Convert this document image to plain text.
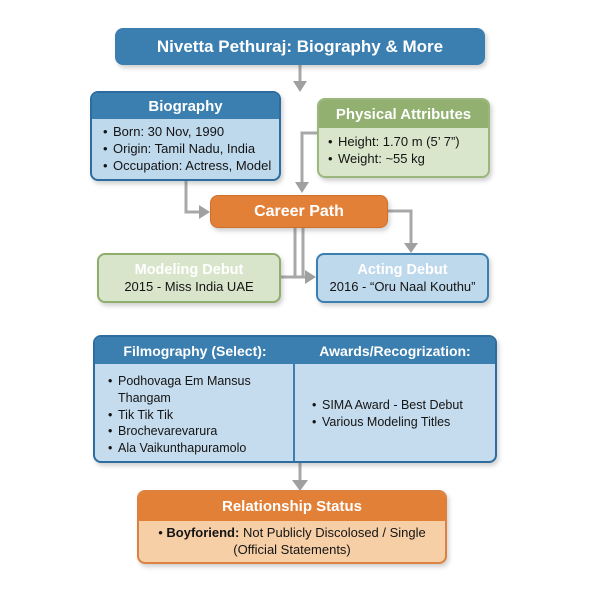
Nivetta Pethuraj: Biography & More
Biography
• Born: 30 Nov, 1990
• Origin: Tamil Nadu, India
• Occupation: Actress, Model
Physical Attributes
• Height: 1.70 m (5’ 7”)
• Weight: ~55 kg
Career Path
Modeling Debut
2015 - Miss India UAE
Acting Debut
2016 - “Oru Naal Kouthu”
Filmography (Select):	Awards/Recogrization:
• Podhovaga Em Mansus Thangam
• Tik Tik Tik
• Brochevarevarura
• Ala Vaikunthapuramolo
• SIMA Award - Best Debut
• Various Modeling Titles
Relationship Status
• Boyforiend: Not Publicly Discolosed / Single
(Official Statements)
